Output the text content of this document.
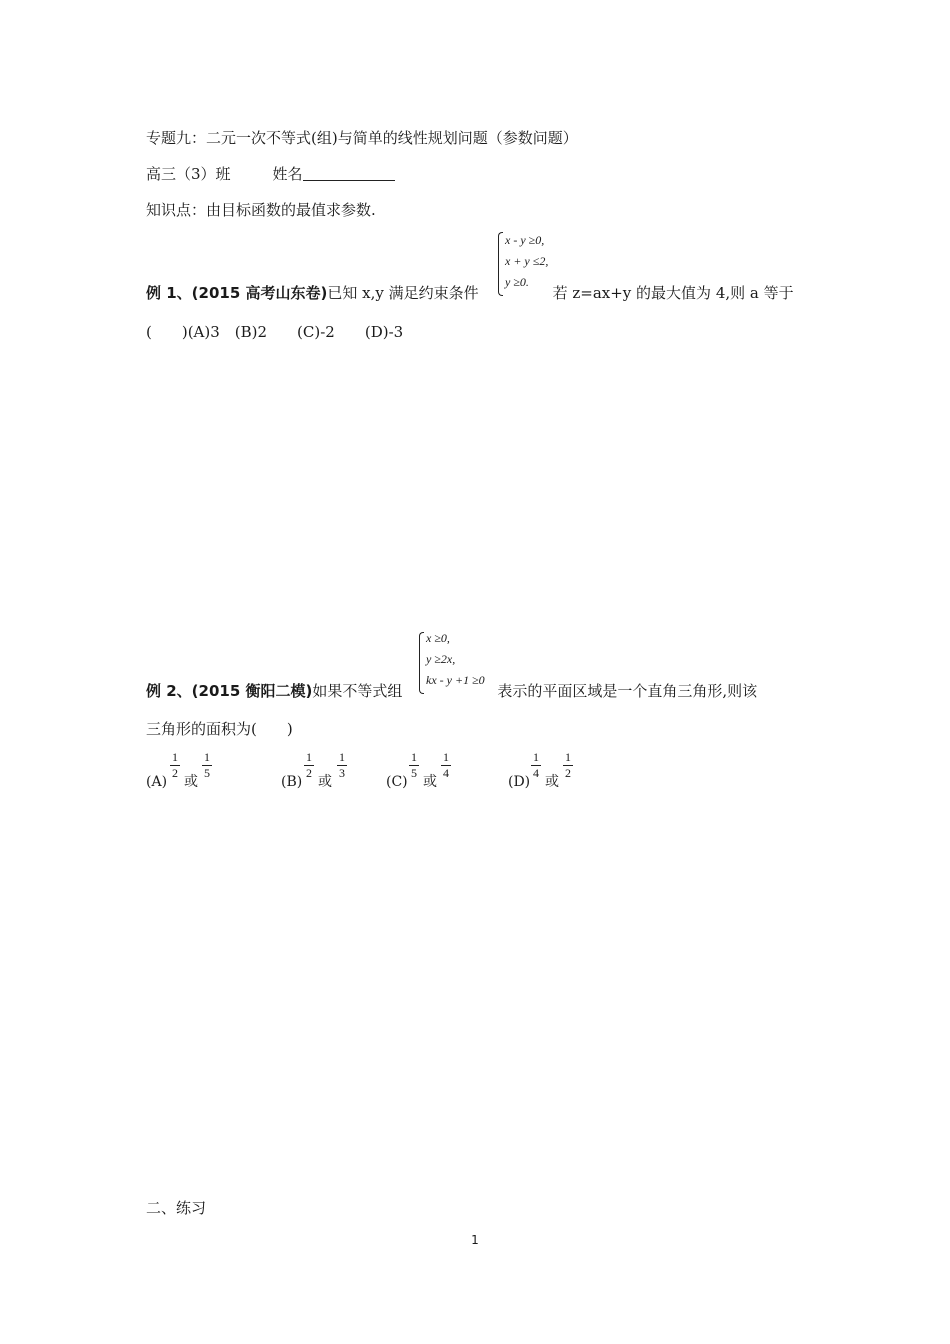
专题九：二元一次不等式(组)与简单的线性规划问题（参数问题）
高三（3）班	姓名
知识点：由目标函数的最值求参数.
x - y ≥0,
x + y ≤2,
y ≥0.
例 1、(2015 高考山东卷)已知 x,y 满足约束条件	若 z=ax+y 的最大值为 4,则 a 等于
(　　)(A)3　(B)2　　(C)-2　　(D)-3
x ≥0,
y ≥2x,
kx - y +1 ≥0
例 2、(2015 衡阳二模)如果不等式组	表示的平面区域是一个直角三角形,则该
三角形的面积为(　　)
(A)
1
2
或
1
5
(B)
1
2
或
1
3
(C)
1
5
或
1
4
(D)
1
4
或
1
2
二、练习
1
